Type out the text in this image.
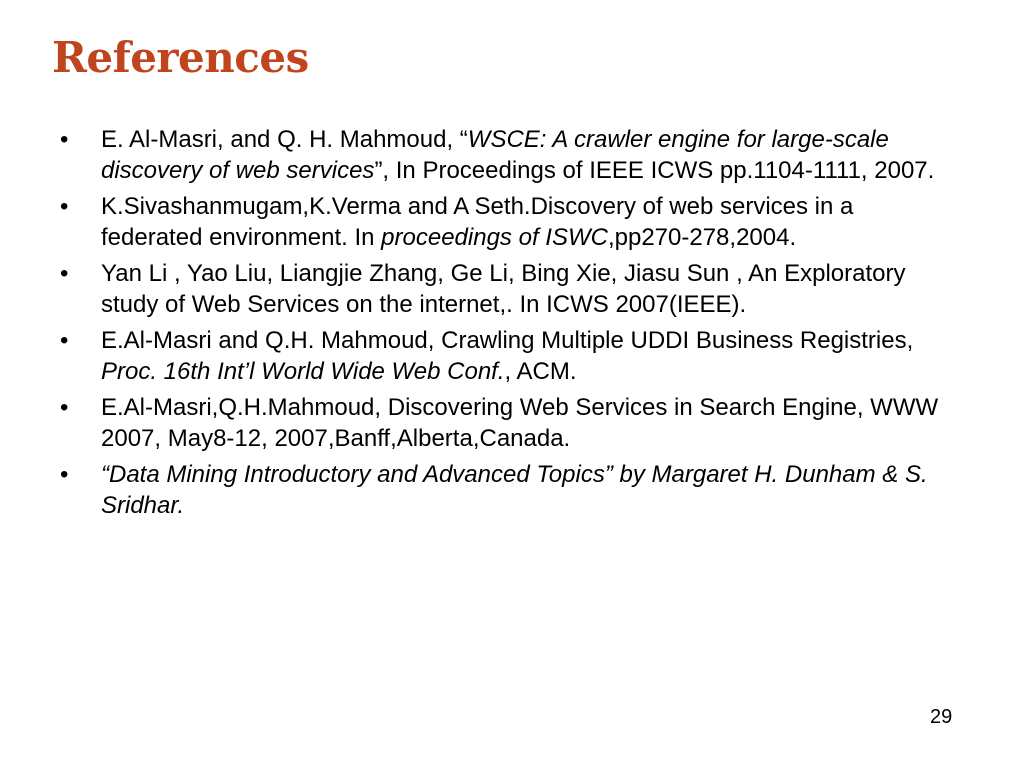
References
• E. Al-Masri, and Q. H. Mahmoud, “WSCE: A crawler engine for large-scale discovery of web services”, In Proceedings of IEEE ICWS pp.1104-1111, 2007.
• K.Sivashanmugam,K.Verma and A Seth.Discovery of web services in a federated environment. In proceedings of ISWC,pp270-278,2004.
• Yan Li , Yao Liu, Liangjie Zhang, Ge Li, Bing Xie, Jiasu Sun , An Exploratory study of Web Services on the internet,. In ICWS 2007(IEEE).
• E.Al-Masri and Q.H. Mahmoud, Crawling Multiple UDDI Business Registries, Proc. 16th Int’l World Wide Web Conf., ACM.
• E.Al-Masri,Q.H.Mahmoud, Discovering Web Services in Search Engine, WWW 2007, May8-12, 2007,Banff,Alberta,Canada.
• “Data Mining Introductory and Advanced Topics” by Margaret H. Dunham & S. Sridhar.
29
